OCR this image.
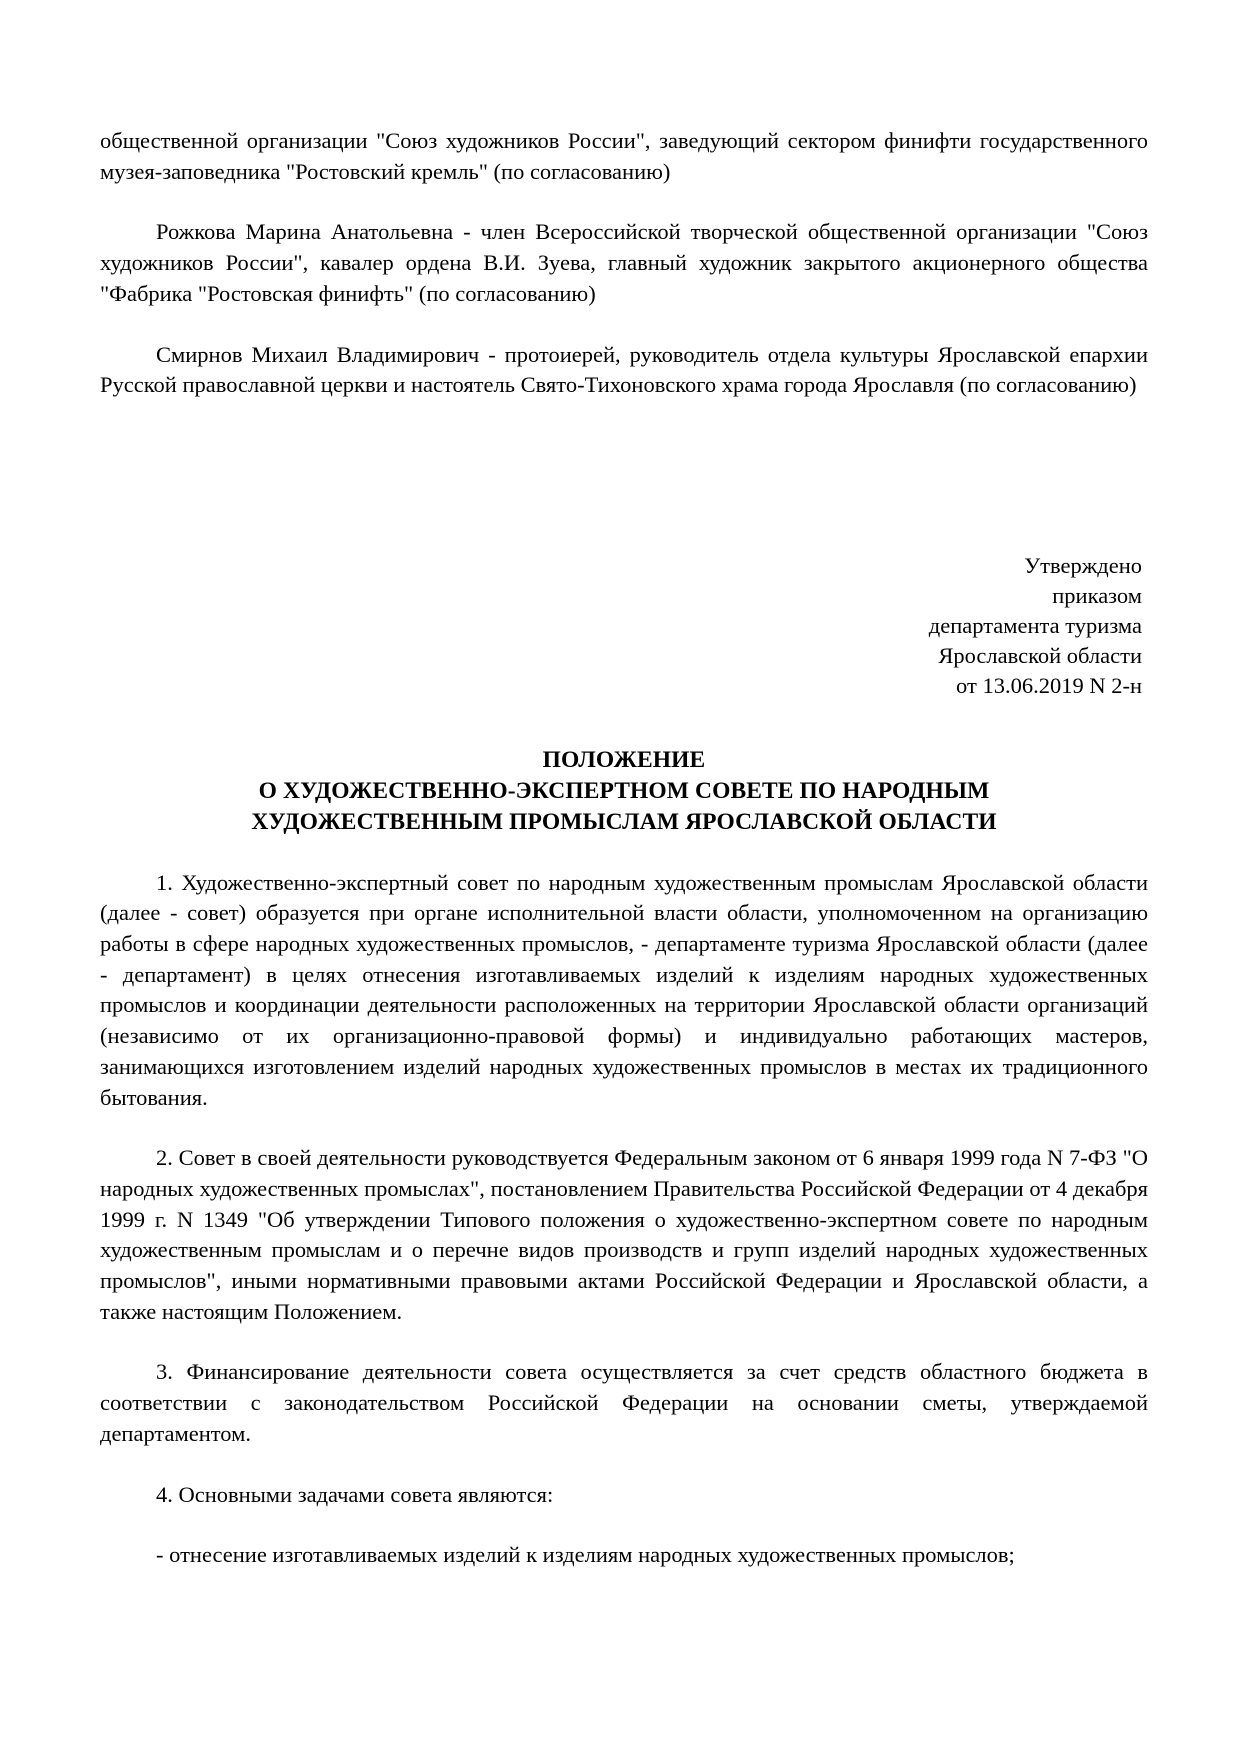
общественной организации "Союз художников России", заведующий сектором финифти государственного музея-заповедника "Ростовский кремль" (по согласованию)

Рожкова Марина Анатольевна - член Всероссийской творческой общественной организации "Союз художников России", кавалер ордена В.И. Зуева, главный художник закрытого акционерного общества "Фабрика "Ростовская финифть" (по согласованию)

Смирнов Михаил Владимирович - протоиерей, руководитель отдела культуры Ярославской епархии Русской православной церкви и настоятель Свято-Тихоновского храма города Ярославля (по согласованию)

Утверждено
приказом
департамента туризма
Ярославской области
от 13.06.2019 N 2-н
ПОЛОЖЕНИЕ
О ХУДОЖЕСТВЕННО-ЭКСПЕРТНОМ СОВЕТЕ ПО НАРОДНЫМ
ХУДОЖЕСТВЕННЫМ ПРОМЫСЛАМ ЯРОСЛАВСКОЙ ОБЛАСТИ

1. Художественно-экспертный совет по народным художественным промыслам Ярославской области (далее - совет) образуется при органе исполнительной власти области, уполномоченном на организацию работы в сфере народных художественных промыслов, - департаменте туризма Ярославской области (далее - департамент) в целях отнесения изготавливаемых изделий к изделиям народных художественных промыслов и координации деятельности расположенных на территории Ярославской области организаций (независимо от их организационно-правовой формы) и индивидуально работающих мастеров, занимающихся изготовлением изделий народных художественных промыслов в местах их традиционного бытования.

2. Совет в своей деятельности руководствуется Федеральным законом от 6 января 1999 года N 7-ФЗ "О народных художественных промыслах", постановлением Правительства Российской Федерации от 4 декабря 1999 г. N 1349 "Об утверждении Типового положения о художественно-экспертном совете по народным художественным промыслам и о перечне видов производств и групп изделий народных художественных промыслов", иными нормативными правовыми актами Российской Федерации и Ярославской области, а также настоящим Положением.

3. Финансирование деятельности совета осуществляется за счет средств областного бюджета в соответствии с законодательством Российской Федерации на основании сметы, утверждаемой департаментом.

4. Основными задачами совета являются:

- отнесение изготавливаемых изделий к изделиям народных художественных промыслов;
